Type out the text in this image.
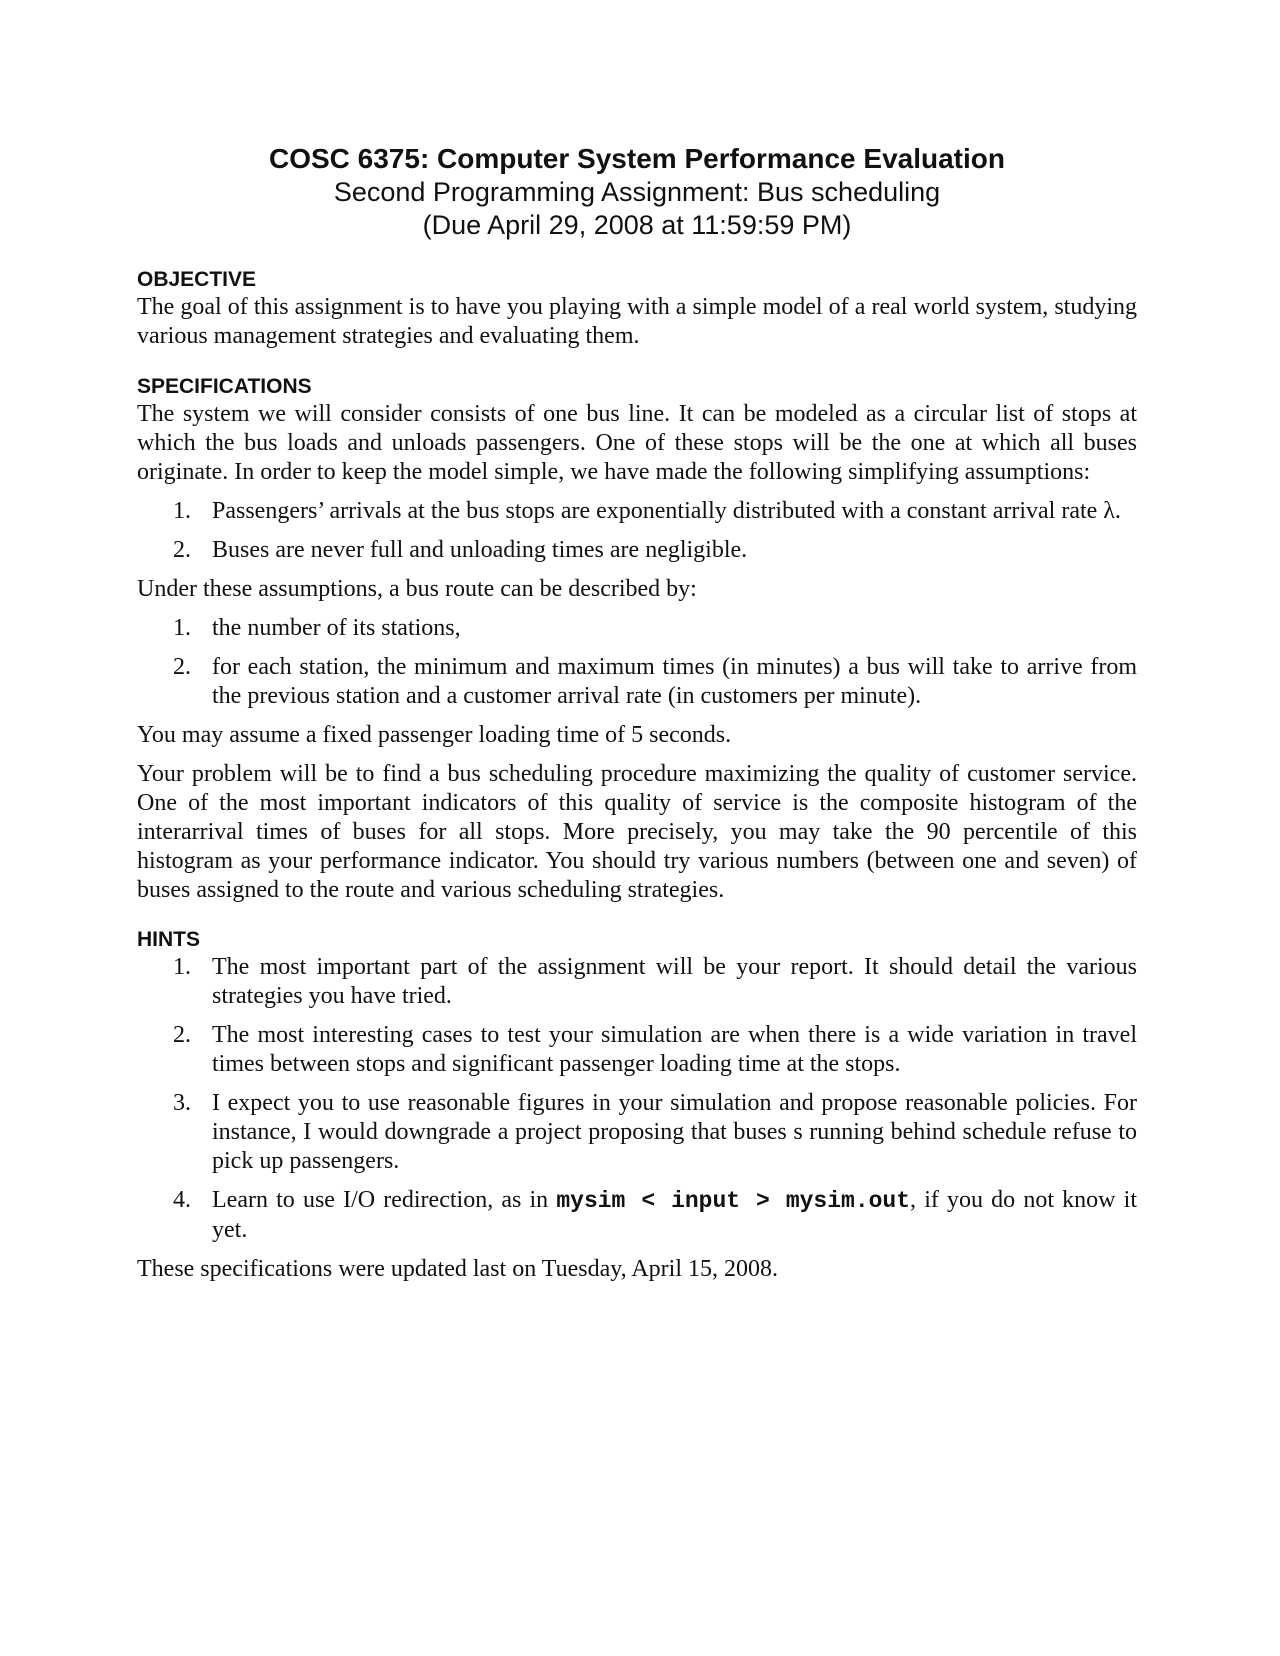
COSC 6375: Computer System Performance Evaluation
Second Programming Assignment: Bus scheduling
(Due April 29, 2008 at 11:59:59 PM)
OBJECTIVE

The goal of this assignment is to have you playing with a simple model of a real world system, studying various management strategies and evaluating them.

SPECIFICATIONS

The system we will consider consists of one bus line. It can be modeled as a circular list of stops at which the bus loads and unloads passengers. One of these stops will be the one at which all buses originate. In order to keep the model simple, we have made the following simplifying assumptions:

1. Passengers’ arrivals at the bus stops are exponentially distributed with a constant arrival rate λ.
2. Buses are never full and unloading times are negligible.

Under these assumptions, a bus route can be described by:

1. the number of its stations,
2. for each station, the minimum and maximum times (in minutes) a bus will take to arrive from the previous station and a customer arrival rate (in customers per minute).

You may assume a fixed passenger loading time of 5 seconds.

Your problem will be to find a bus scheduling procedure maximizing the quality of customer service. One of the most important indicators of this quality of service is the composite histogram of the interarrival times of buses for all stops. More precisely, you may take the 90 percentile of this histogram as your performance indicator. You should try various numbers (between one and seven) of buses assigned to the route and various scheduling strategies.

HINTS
1. The most important part of the assignment will be your report. It should detail the various strategies you have tried.
2. The most interesting cases to test your simulation are when there is a wide variation in travel times between stops and significant passenger loading time at the stops.
3. I expect you to use reasonable figures in your simulation and propose reasonable policies. For instance, I would downgrade a project proposing that buses s running behind schedule refuse to pick up passengers.
4. Learn to use I/O redirection, as in mysim < input > mysim.out, if you do not know it yet.

These specifications were updated last on Tuesday, April 15, 2008.
